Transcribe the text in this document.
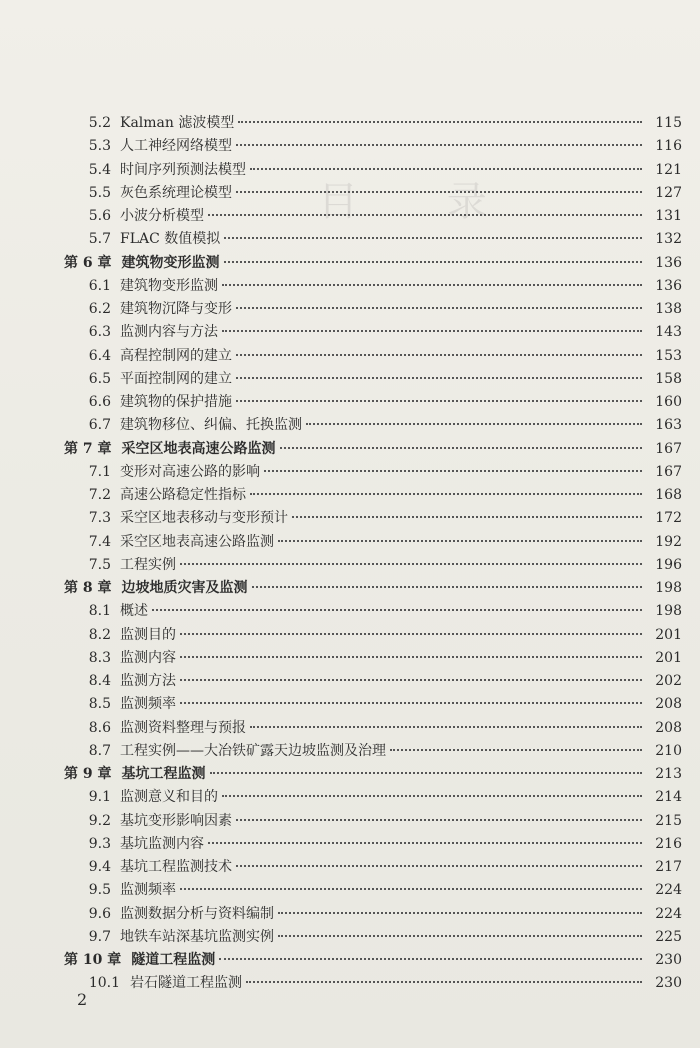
目 录
5.2 Kalman 滤波模型	115
5.3 人工神经网络模型	116
5.4 时间序列预测法模型	121
5.5 灰色系统理论模型	127
5.6 小波分析模型	131
5.7 FLAC 数值模拟	132
第 6 章 建筑物变形监测	136
6.1 建筑物变形监测	136
6.2 建筑物沉降与变形	138
6.3 监测内容与方法	143
6.4 高程控制网的建立	153
6.5 平面控制网的建立	158
6.6 建筑物的保护措施	160
6.7 建筑物移位、纠偏、托换监测	163
第 7 章 采空区地表高速公路监测	167
7.1 变形对高速公路的影响	167
7.2 高速公路稳定性指标	168
7.3 采空区地表移动与变形预计	172
7.4 采空区地表高速公路监测	192
7.5 工程实例	196
第 8 章 边坡地质灾害及监测	198
8.1 概述	198
8.2 监测目的	201
8.3 监测内容	201
8.4 监测方法	202
8.5 监测频率	208
8.6 监测资料整理与预报	208
8.7 工程实例——大冶铁矿露天边坡监测及治理	210
第 9 章 基坑工程监测	213
9.1 监测意义和目的	214
9.2 基坑变形影响因素	215
9.3 基坑监测内容	216
9.4 基坑工程监测技术	217
9.5 监测频率	224
9.6 监测数据分析与资料编制	224
9.7 地铁车站深基坑监测实例	225
第 10 章 隧道工程监测	230
10.1 岩石隧道工程监测	230
2
